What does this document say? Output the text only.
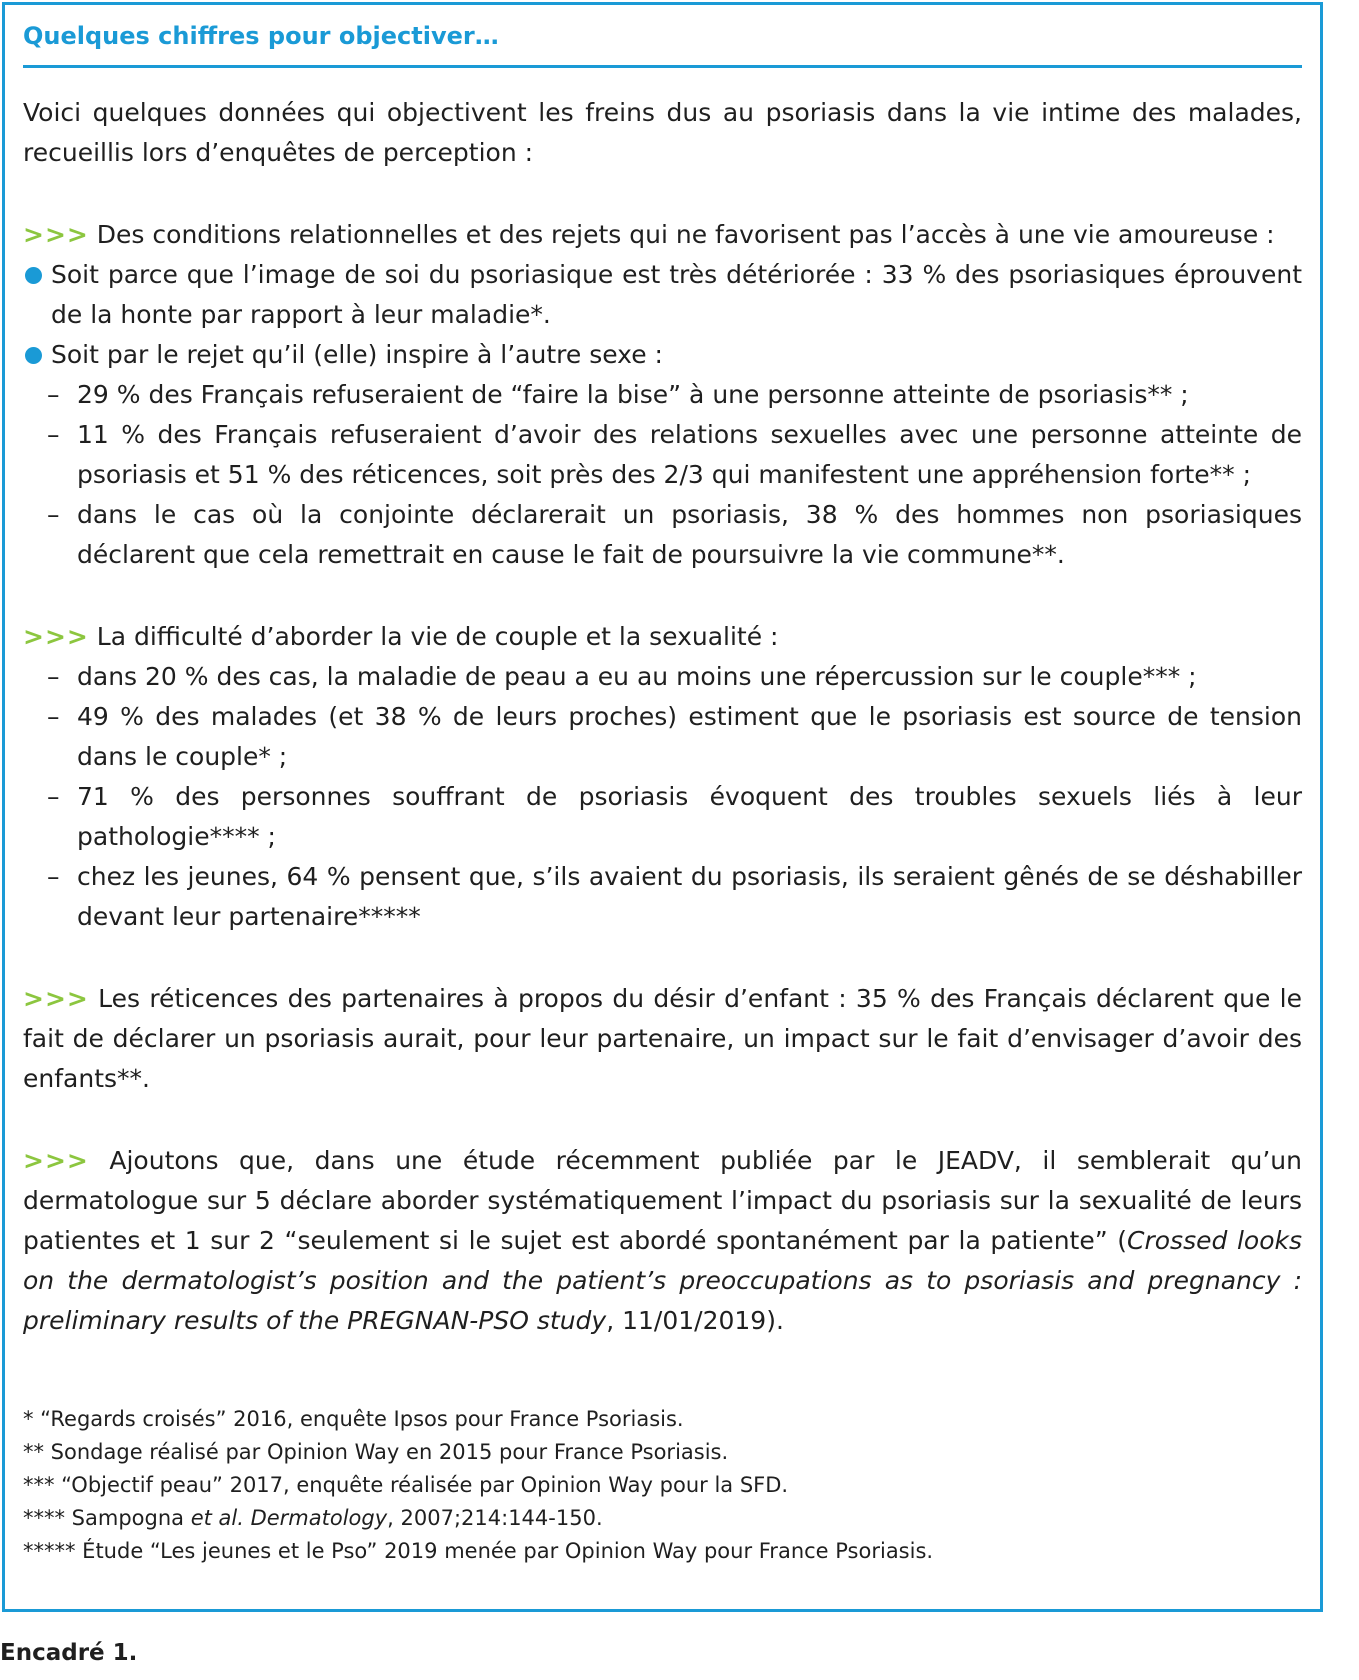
Quelques chiffres pour objectiver…

Voici quelques données qui objectivent les freins dus au psoriasis dans la vie intime des malades, recueillis lors d’enquêtes de perception :

>>> Des conditions relationnelles et des rejets qui ne favorisent pas l’accès à une vie amoureuse :

Soit parce que l’image de soi du psoriasique est très détériorée : 33 % des psoriasiques éprouvent de la honte par rapport à leur maladie*.
Soit par le rejet qu’il (elle) inspire à l’autre sexe :
– 29 % des Français refuseraient de “faire la bise” à une personne atteinte de psoriasis** ;
– 11 % des Français refuseraient d’avoir des relations sexuelles avec une personne atteinte de psoriasis et 51 % des réticences, soit près des 2/3 qui manifestent une appréhension forte** ;
– dans le cas où la conjointe déclarerait un psoriasis, 38 % des hommes non psoriasiques déclarent que cela remettrait en cause le fait de poursuivre la vie commune**.

>>> La difficulté d’aborder la vie de couple et la sexualité :

– dans 20 % des cas, la maladie de peau a eu au moins une répercussion sur le couple*** ;
– 49 % des malades (et 38 % de leurs proches) estiment que le psoriasis est source de tension dans le couple* ;
– 71 % des personnes souffrant de psoriasis évoquent des troubles sexuels liés à leur pathologie**** ;
– chez les jeunes, 64 % pensent que, s’ils avaient du psoriasis, ils seraient gênés de se déshabiller devant leur partenaire*****

>>> Les réticences des partenaires à propos du désir d’enfant : 35 % des Français déclarent que le fait de déclarer un psoriasis aurait, pour leur partenaire, un impact sur le fait d’envisager d’avoir des enfants**.

>>> Ajoutons que, dans une étude récemment publiée par le JEADV, il semblerait qu’un dermatologue sur 5 déclare aborder systématiquement l’impact du psoriasis sur la sexualité de leurs patientes et 1 sur 2 “seulement si le sujet est abordé spontanément par la patiente” (Crossed looks on the dermatologist’s position and the patient’s preoccupations as to psoriasis and pregnancy : preliminary results of the PREGNAN-PSO study, 11/01/2019).

* “Regards croisés” 2016, enquête Ipsos pour France Psoriasis.
** Sondage réalisé par Opinion Way en 2015 pour France Psoriasis.
*** “Objectif peau” 2017, enquête réalisée par Opinion Way pour la SFD.
**** Sampogna et al. Dermatology, 2007;214:144-150.
***** Étude “Les jeunes et le Pso” 2019 menée par Opinion Way pour France Psoriasis.
Encadré 1.
